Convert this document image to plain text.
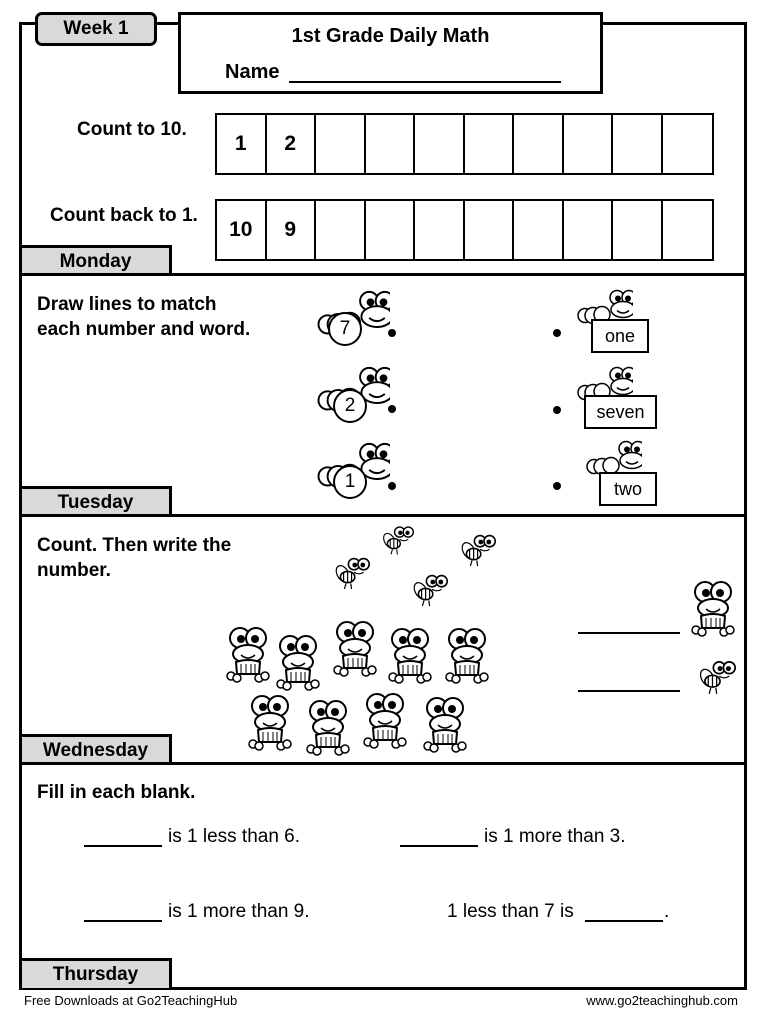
Week 1	1st Grade Daily Math
Name
Count to 10.
1	2
Count back to 1.
10	9
Monday
Draw lines to match each number and word.	7
2
1
one
seven
two
Tuesday
Count. Then write the number.
Wednesday
Fill in each blank.
is 1 less than 6.	is 1 more than 3.
is 1 more than 9.	1 less than 7 is	.
Thursday
Free Downloads at Go2TeachingHub	www.go2teachinghub.com
